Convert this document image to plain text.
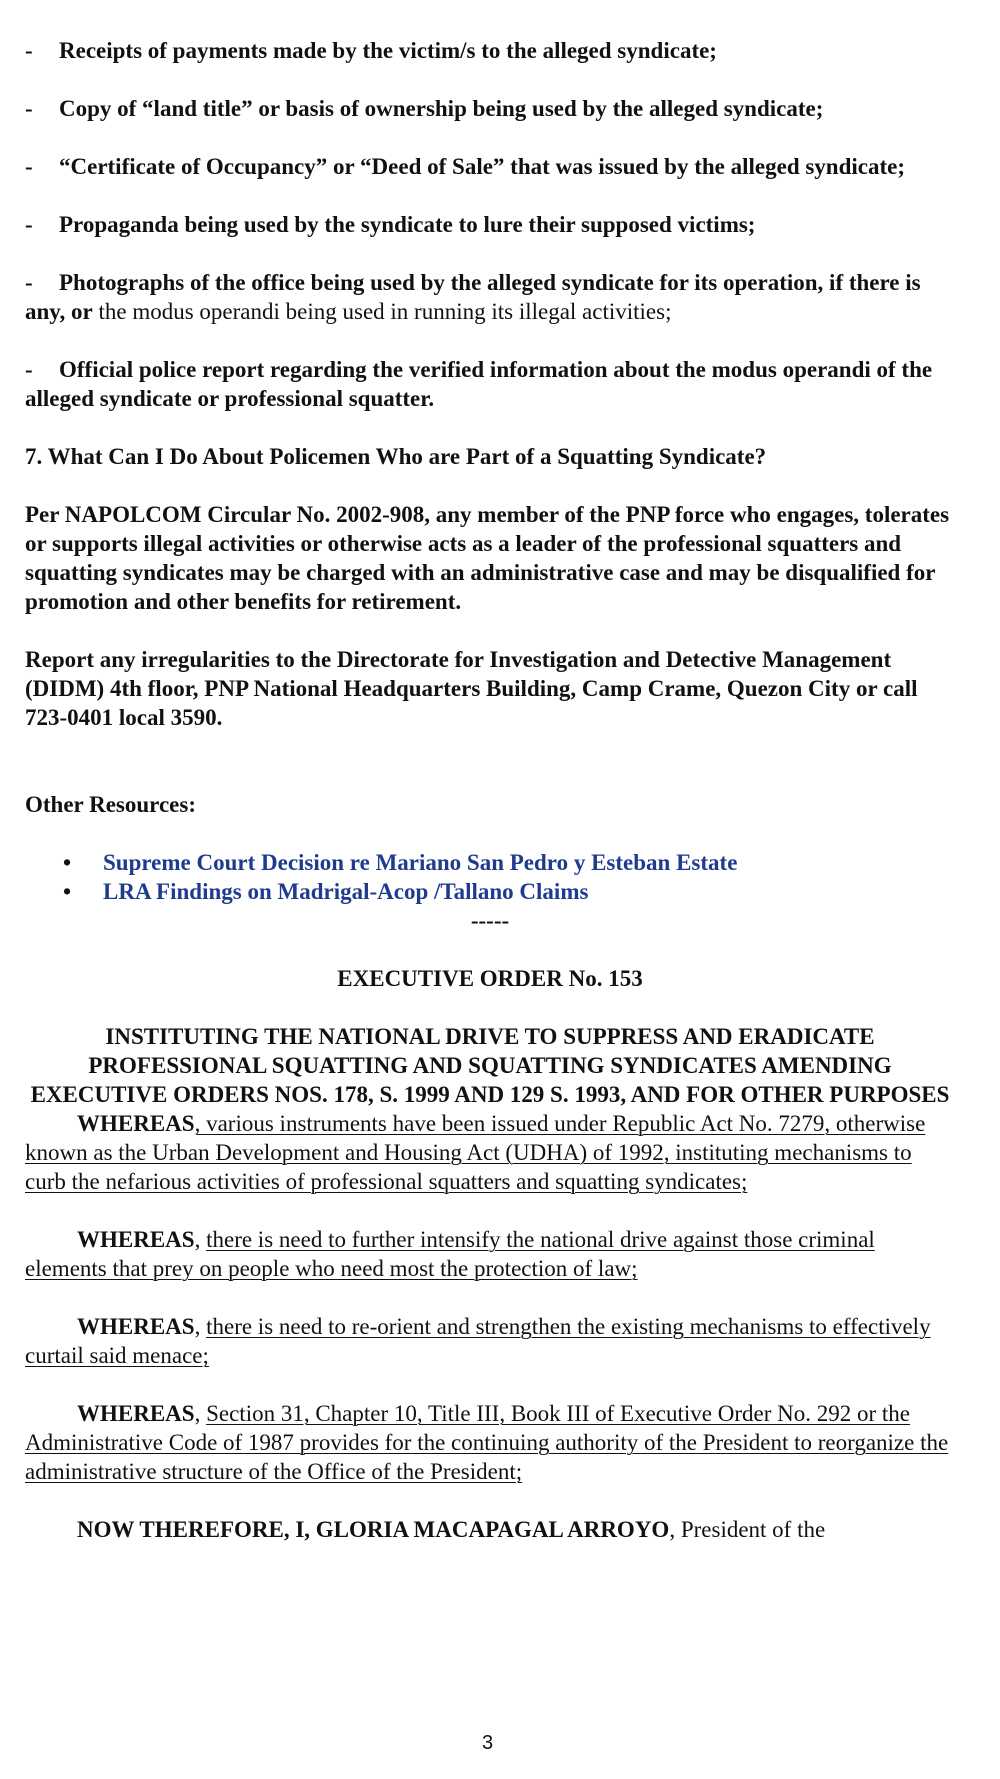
- Receipts of payments made by the victim/s to the alleged syndicate;

- Copy of “land title” or basis of ownership being used by the alleged syndicate;

- “Certificate of Occupancy” or “Deed of Sale” that was issued by the alleged syndicate;

- Propaganda being used by the syndicate to lure their supposed victims;

- Photographs of the office being used by the alleged syndicate for its operation, if there is any, or the modus operandi being used in running its illegal activities;

- Official police report regarding the verified information about the modus operandi of the alleged syndicate or professional squatter.

7. What Can I Do About Policemen Who are Part of a Squatting Syndicate?

Per NAPOLCOM Circular No. 2002-908, any member of the PNP force who engages, tolerates or supports illegal activities or otherwise acts as a leader of the professional squatters and squatting syndicates may be charged with an administrative case and may be disqualified for promotion and other benefits for retirement.

Report any irregularities to the Directorate for Investigation and Detective Management (DIDM) 4th floor, PNP National Headquarters Building, Camp Crame, Quezon City or call 723-0401 local 3590.

Other Resources:

• Supreme Court Decision re Mariano San Pedro y Esteban Estate
• LRA Findings on Madrigal-Acop /Tallano Claims

-----

EXECUTIVE ORDER No. 153

INSTITUTING THE NATIONAL DRIVE TO SUPPRESS AND ERADICATE PROFESSIONAL SQUATTING AND SQUATTING SYNDICATES AMENDING EXECUTIVE ORDERS NOS. 178, S. 1999 AND 129 S. 1993, AND FOR OTHER PURPOSES

WHEREAS, various instruments have been issued under Republic Act No. 7279, otherwise known as the Urban Development and Housing Act (UDHA) of 1992, instituting mechanisms to curb the nefarious activities of professional squatters and squatting syndicates;

WHEREAS, there is need to further intensify the national drive against those criminal elements that prey on people who need most the protection of law;

WHEREAS, there is need to re-orient and strengthen the existing mechanisms to effectively curtail said menace;

WHEREAS, Section 31, Chapter 10, Title III, Book III of Executive Order No. 292 or the Administrative Code of 1987 provides for the continuing authority of the President to reorganize the administrative structure of the Office of the President;

NOW THEREFORE, I, GLORIA MACAPAGAL ARROYO, President of the

3
